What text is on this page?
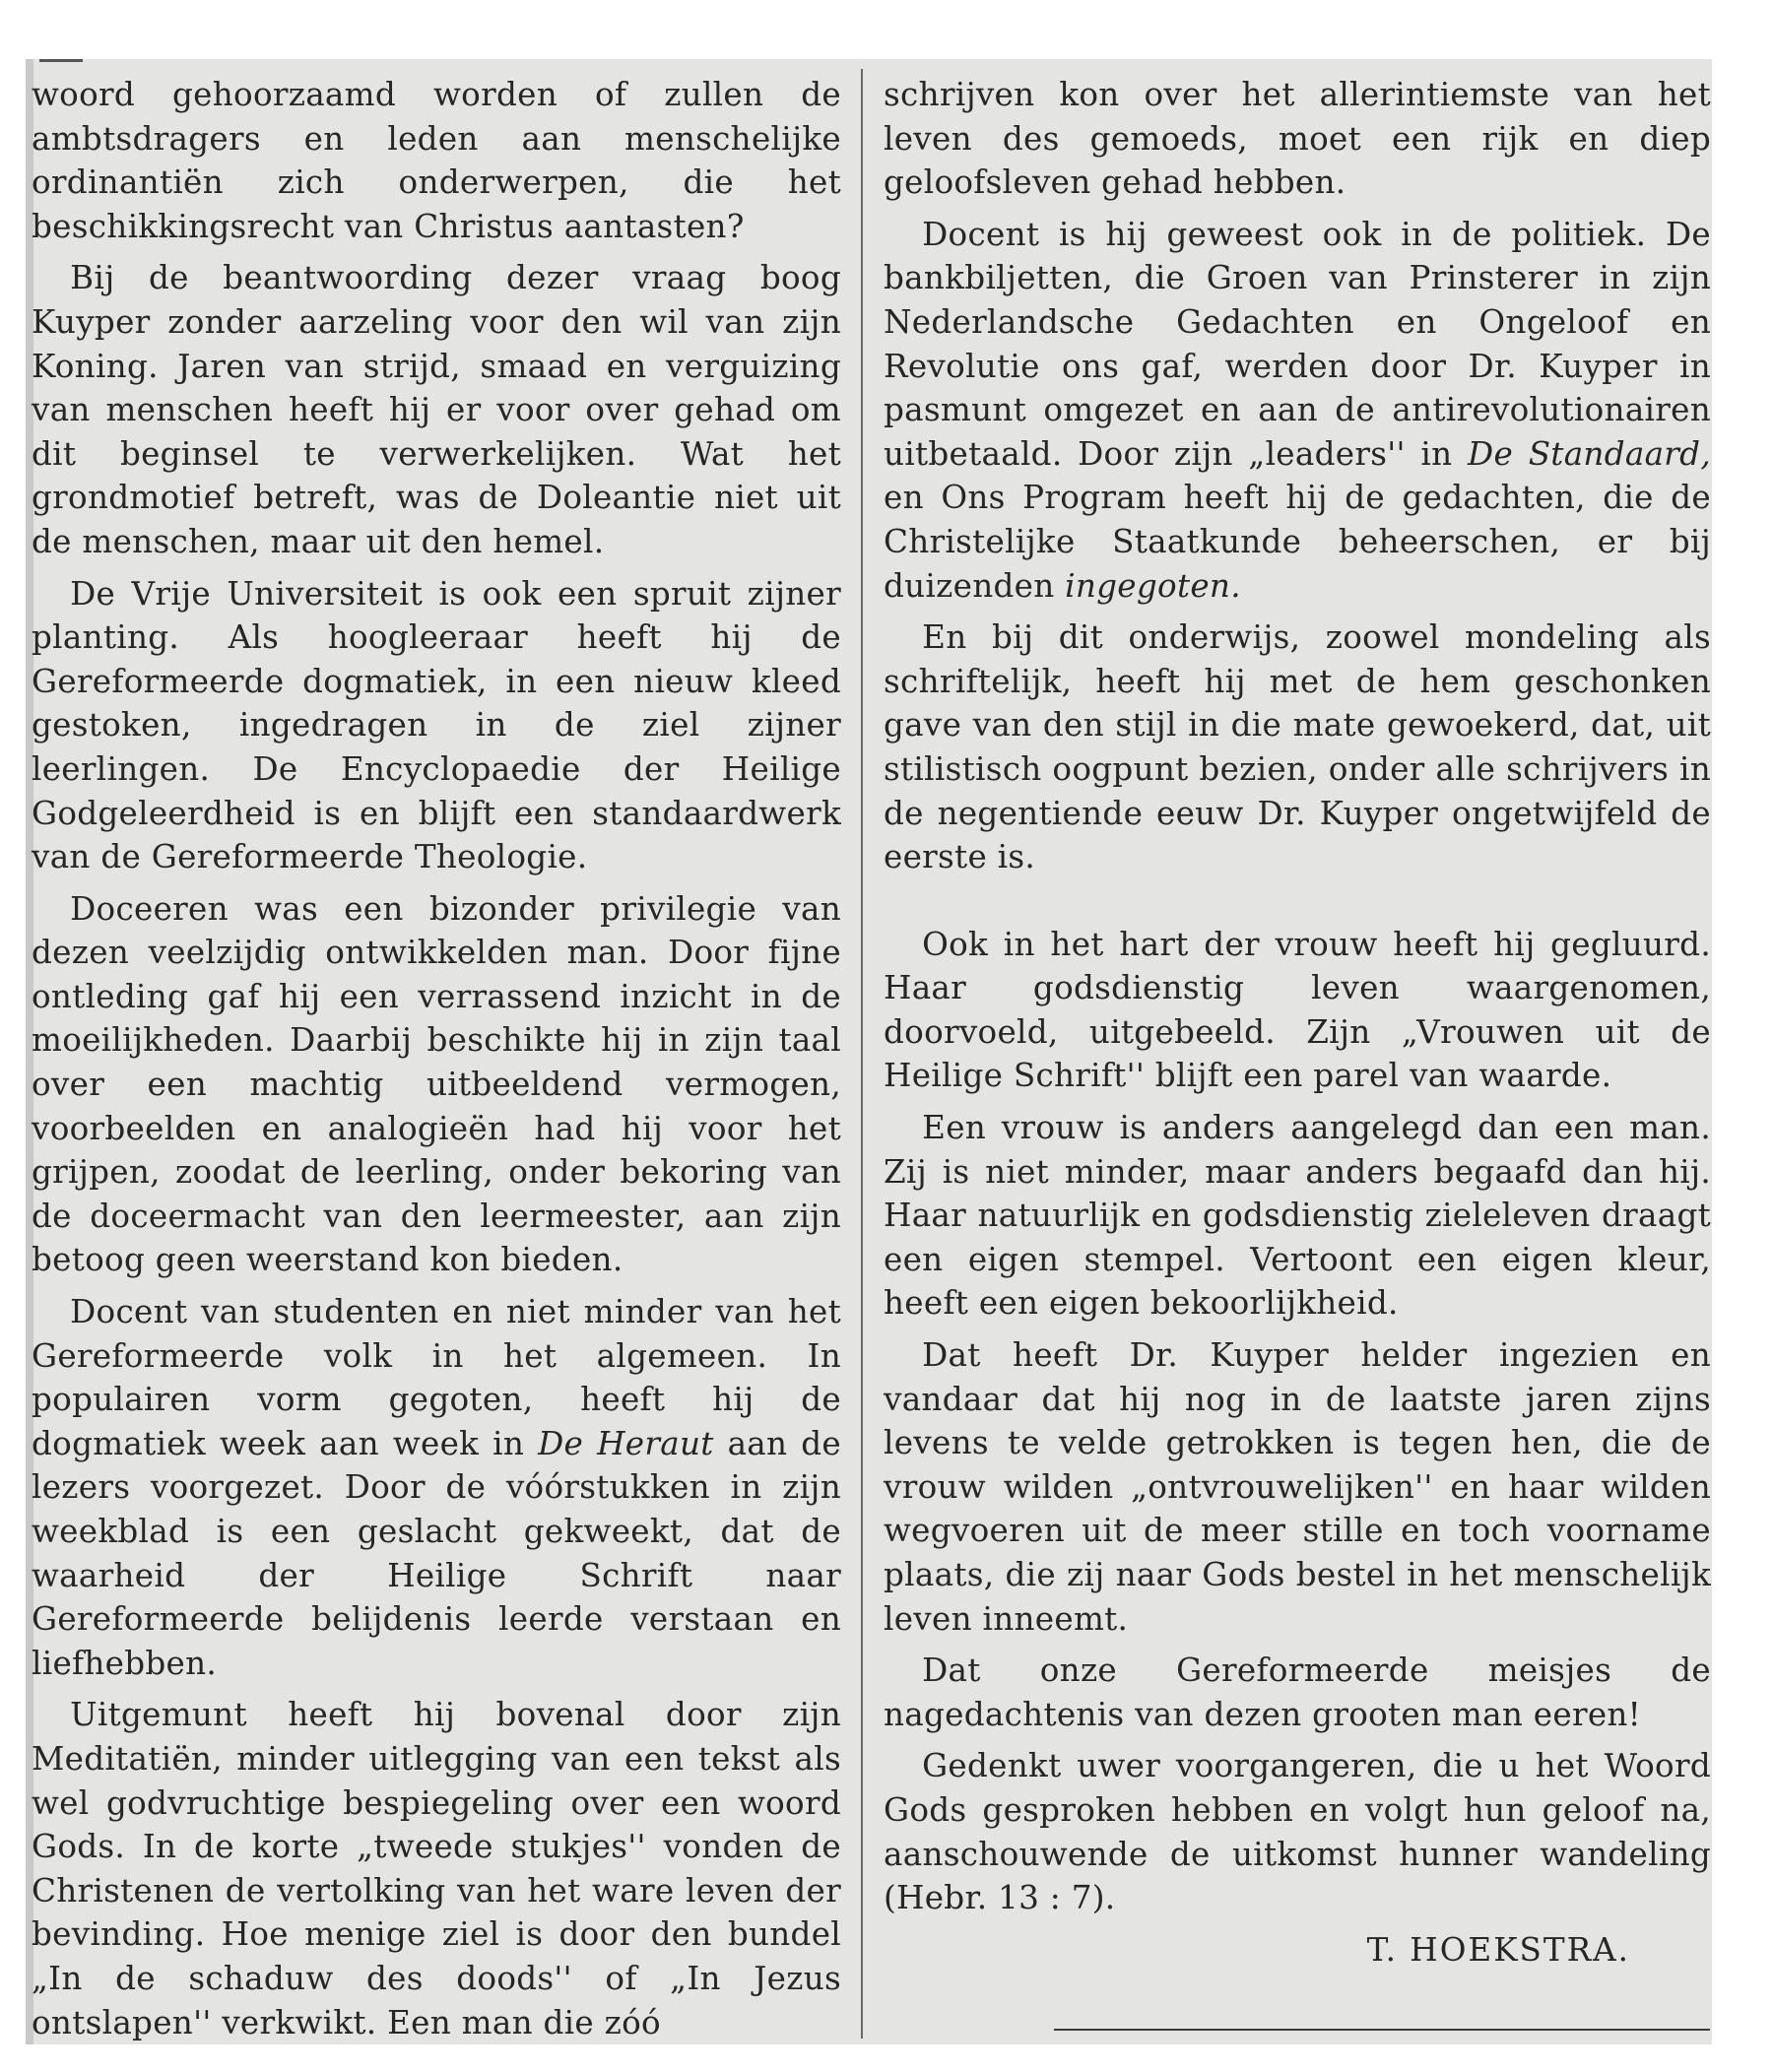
woord gehoorzaamd worden of zullen de ambtsdragers en leden aan menschelijke ordinantiën zich onderwerpen, die het beschikkingsrecht van Christus aantasten?

Bij de beantwoording dezer vraag boog Kuyper zonder aarzeling voor den wil van zijn Koning. Jaren van strijd, smaad en verguizing van menschen heeft hij er voor over gehad om dit beginsel te verwerkelijken. Wat het grondmotief betreft, was de Doleantie niet uit de menschen, maar uit den hemel.

De Vrije Universiteit is ook een spruit zijner planting. Als hoogleeraar heeft hij de Gereformeerde dogmatiek, in een nieuw kleed gestoken, ingedragen in de ziel zijner leerlingen. De Encyclopaedie der Heilige Godgeleerdheid is en blijft een standaardwerk van de Gereformeerde Theologie.

Doceeren was een bizonder privilegie van dezen veelzijdig ontwikkelden man. Door fijne ontleding gaf hij een verrassend inzicht in de moeilijkheden. Daarbij beschikte hij in zijn taal over een machtig uitbeeldend vermogen, voorbeelden en analogieën had hij voor het grijpen, zoodat de leerling, onder bekoring van de doceermacht van den leermeester, aan zijn betoog geen weerstand kon bieden.

Docent van studenten en niet minder van het Gereformeerde volk in het algemeen. In populairen vorm gegoten, heeft hij de dogmatiek week aan week in De Heraut aan de lezers voorgezet. Door de vóórstukken in zijn weekblad is een geslacht gekweekt, dat de waarheid der Heilige Schrift naar Gereformeerde belijdenis leerde verstaan en liefhebben.

Uitgemunt heeft hij bovenal door zijn Meditatiën, minder uitlegging van een tekst als wel godvruchtige bespiegeling over een woord Gods. In de korte „tweede stukjes'' vonden de Christenen de vertolking van het ware leven der bevinding. Hoe menige ziel is door den bundel „In de schaduw des doods'' of „In Jezus ontslapen'' verkwikt. Een man die zóó

schrijven kon over het allerintiemste van het leven des gemoeds, moet een rijk en diep geloofsleven gehad hebben.

Docent is hij geweest ook in de politiek. De bankbiljetten, die Groen van Prinsterer in zijn Nederlandsche Gedachten en Ongeloof en Revolutie ons gaf, werden door Dr. Kuyper in pasmunt omgezet en aan de antirevolutionairen uitbetaald. Door zijn „leaders'' in De Standaard, en Ons Program heeft hij de gedachten, die de Christelijke Staatkunde beheerschen, er bij duizenden ingegoten.

En bij dit onderwijs, zoowel mondeling als schriftelijk, heeft hij met de hem geschonken gave van den stijl in die mate gewoekerd, dat, uit stilistisch oogpunt bezien, onder alle schrijvers in de negentiende eeuw Dr. Kuyper ongetwijfeld de eerste is.

Ook in het hart der vrouw heeft hij gegluurd. Haar godsdienstig leven waargenomen, doorvoeld, uitgebeeld. Zijn „Vrouwen uit de Heilige Schrift'' blijft een parel van waarde.

Een vrouw is anders aangelegd dan een man. Zij is niet minder, maar anders begaafd dan hij. Haar natuurlijk en godsdienstig zieleleven draagt een eigen stempel. Vertoont een eigen kleur, heeft een eigen bekoorlijkheid.

Dat heeft Dr. Kuyper helder ingezien en vandaar dat hij nog in de laatste jaren zijns levens te velde getrokken is tegen hen, die de vrouw wilden „ontvrouwelijken'' en haar wilden wegvoeren uit de meer stille en toch voorname plaats, die zij naar Gods bestel in het menschelijk leven inneemt.

Dat onze Gereformeerde meisjes de nagedachtenis van dezen grooten man eeren!

Gedenkt uwer voorgangeren, die u het Woord Gods gesproken hebben en volgt hun geloof na, aanschouwende de uitkomst hunner wandeling (Hebr. 13 : 7).

T. HOEKSTRA.
